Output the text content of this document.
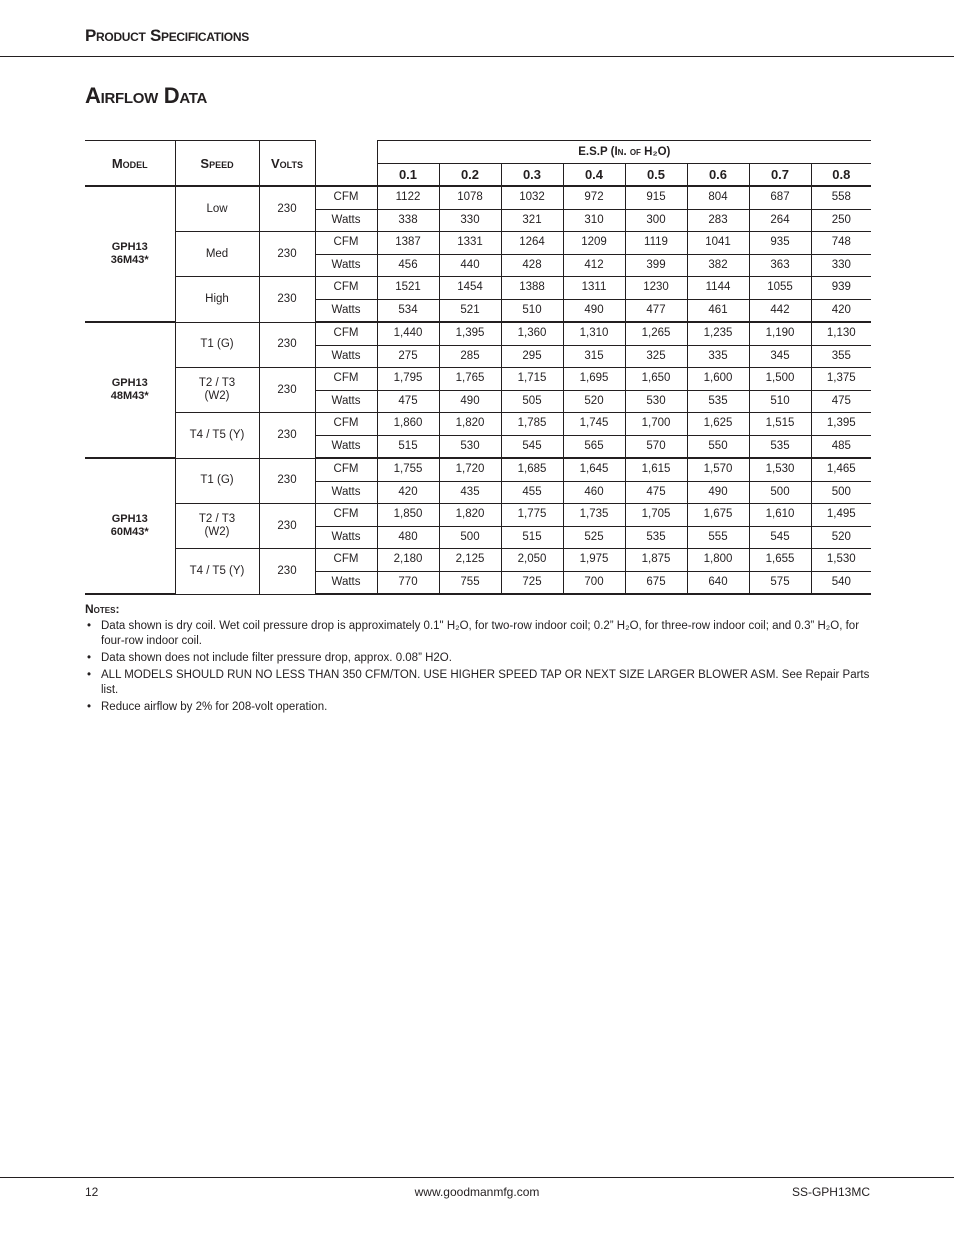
Product Specifications
Airflow Data
Model	Speed	Volts		E.S.P (In. of H₂O)							
				0.1	0.2	0.3	0.4	0.5	0.6	0.7	0.8

GPH13
36M43*	Low	230	CFM	1122	1078	1032	972	915	804	687	558
			Watts	338	330	321	310	300	283	264	250

	Med	230	CFM	1387	1331	1264	1209	1119	1041	935	748
			Watts	456	440	428	412	399	382	363	330

	High	230	CFM	1521	1454	1388	1311	1230	1144	1055	939
			Watts	534	521	510	490	477	461	442	420

GPH13
48M43*	T1 (G)	230	CFM	1,440	1,395	1,360	1,310	1,265	1,235	1,190	1,130
			Watts	275	285	295	315	325	335	345	355

	T2 / T3
(W2)	230	CFM	1,795	1,765	1,715	1,695	1,650	1,600	1,500	1,375
			Watts	475	490	505	520	530	535	510	475

	T4 / T5 (Y)	230	CFM	1,860	1,820	1,785	1,745	1,700	1,625	1,515	1,395
			Watts	515	530	545	565	570	550	535	485

GPH13
60M43*	T1 (G)	230	CFM	1,755	1,720	1,685	1,645	1,615	1,570	1,530	1,465
			Watts	420	435	455	460	475	490	500	500

	T2 / T3
(W2)	230	CFM	1,850	1,820	1,775	1,735	1,705	1,675	1,610	1,495
			Watts	480	500	515	525	535	555	545	520

	T4 / T5 (Y)	230	CFM	2,180	2,125	2,050	1,975	1,875	1,800	1,655	1,530
			Watts	770	755	725	700	675	640	575	540

Notes:

• Data shown is dry coil. Wet coil pressure drop is approximately 0.1" H₂O, for two-row indoor coil; 0.2” H₂O, for three-row indoor coil; and 0.3” H₂O, for four-row indoor coil.
• Data shown does not include filter pressure drop, approx. 0.08” H2O.
• ALL MODELS SHOULD RUN NO LESS THAN 350 CFM/TON. USE HIGHER SPEED TAP OR NEXT SIZE LARGER BLOWER ASM. See Repair Parts list.
• Reduce airflow by 2% for 208-volt operation.
12	www.goodmanmfg.com	SS-GPH13MC
